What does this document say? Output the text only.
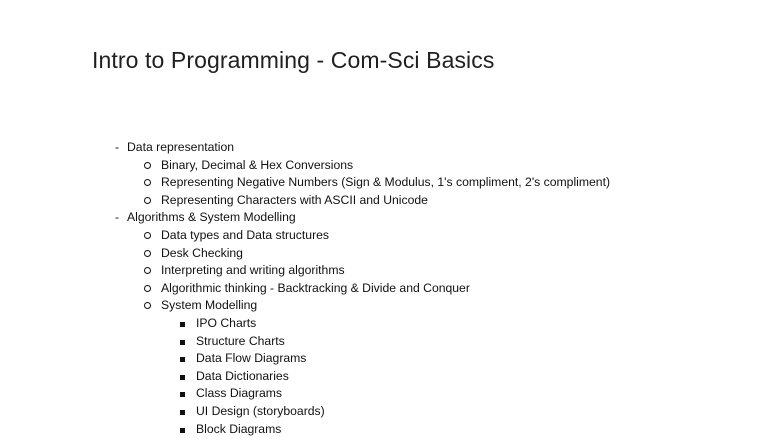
Intro to Programming - Com-Sci Basics
- Data representation
Binary, Decimal & Hex Conversions
Representing Negative Numbers (Sign & Modulus, 1's compliment, 2's compliment)
Representing Characters with ASCII and Unicode
- Algorithms & System Modelling
Data types and Data structures
Desk Checking
Interpreting and writing algorithms
Algorithmic thinking - Backtracking & Divide and Conquer
System Modelling
IPO Charts
Structure Charts
Data Flow Diagrams
Data Dictionaries
Class Diagrams
UI Design (storyboards)
Block Diagrams
